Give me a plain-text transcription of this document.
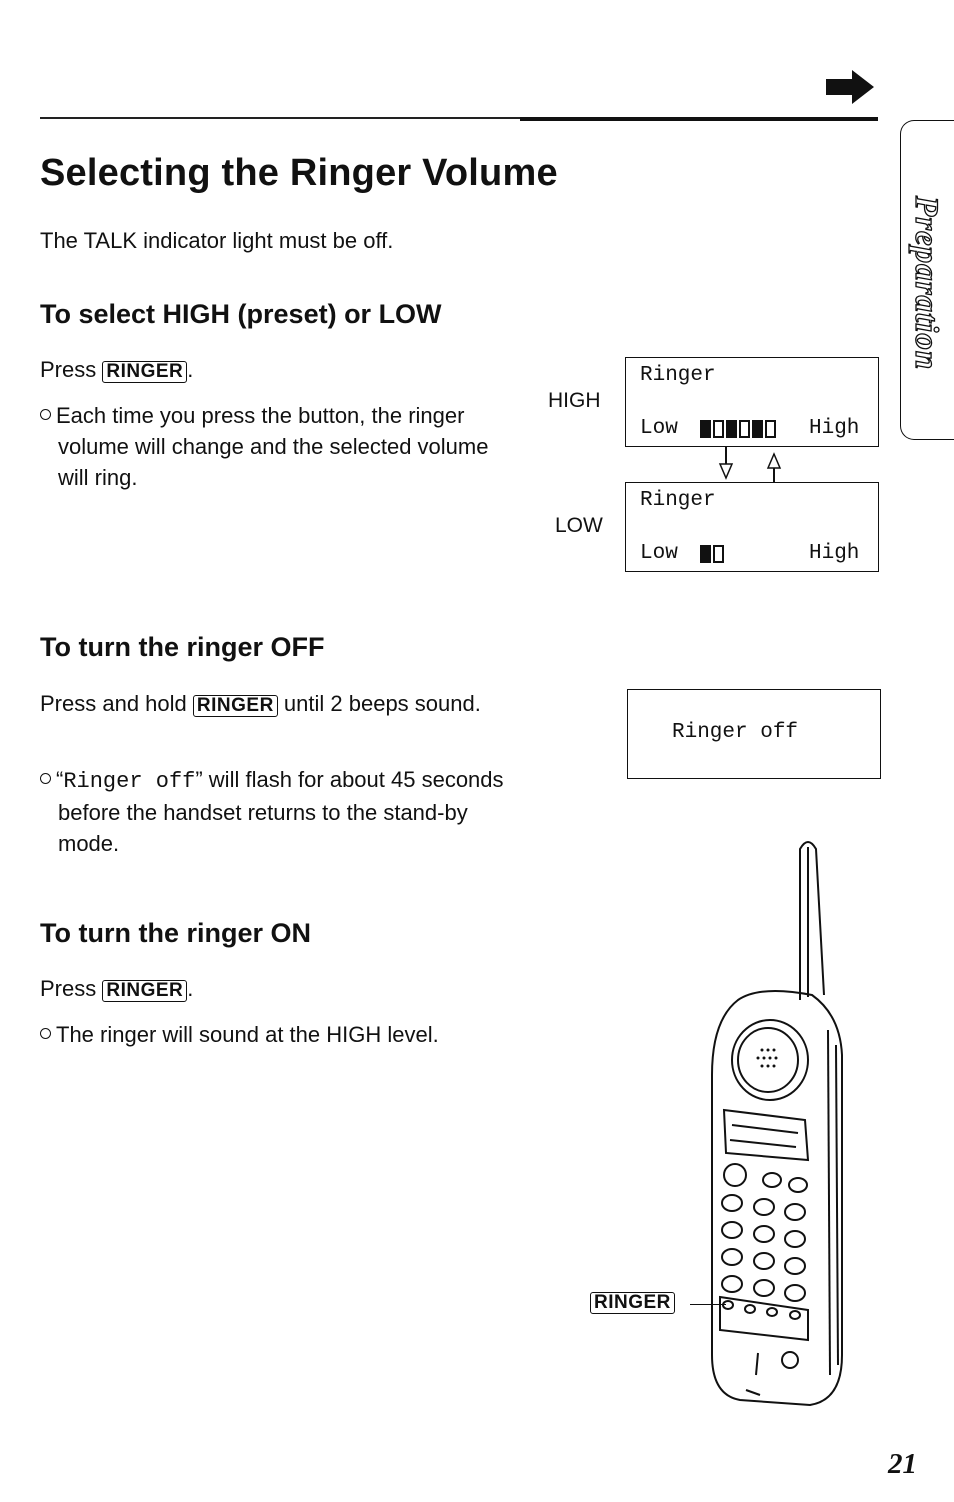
Selecting the Ringer Volume
The TALK indicator light must be off.	Preparation
To select HIGH (preset) or LOW
Press RINGER .
Each time you press the button, the ringer volume will change and the selected volume will ring.
HIGH
Ringer
Low	High
LOW
Ringer
Low	High
To turn the ringer OFF
Press and hold RINGER until 2 beeps sound.
“Ringer off” will flash for about 45 seconds before the handset returns to the stand-by mode.
Ringer off
To turn the ringer ON
Press RINGER .
The ringer will sound at the HIGH level.
RINGER
21
